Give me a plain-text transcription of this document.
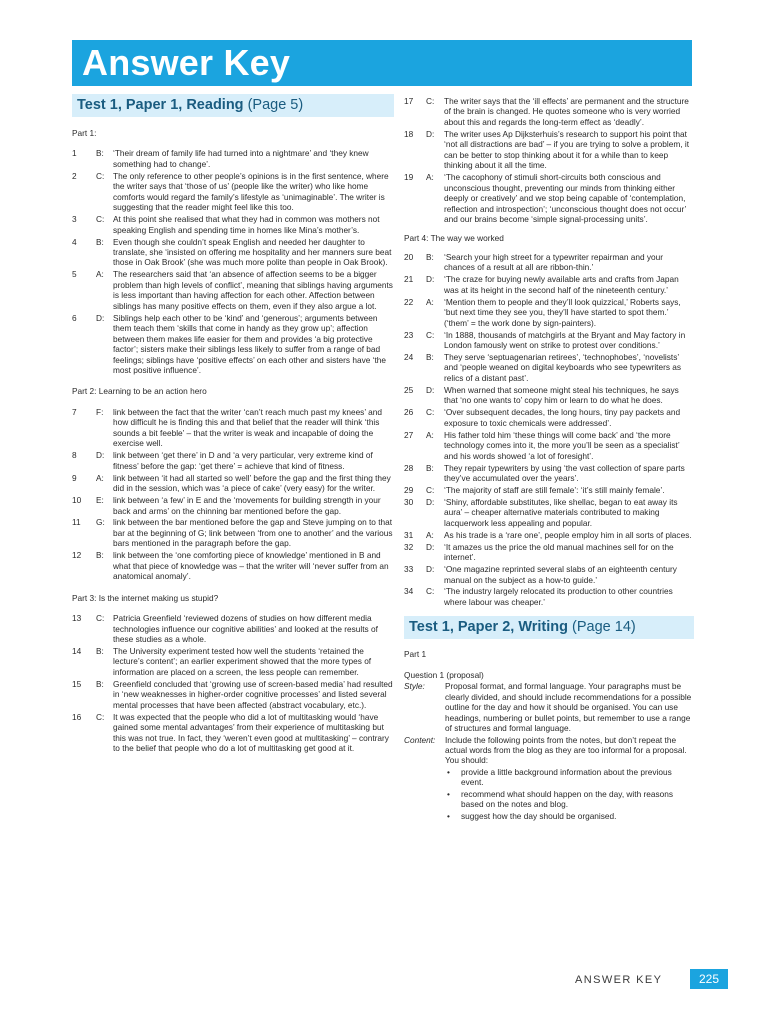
Answer Key
Test 1, Paper 1, Reading (Page 5)
Part 1:
1	B:	‘Their dream of family life had turned into a nightmare’ and ‘they knew something had to change’.
2	C:	The only reference to other people’s opinions is in the first sentence, where the writer says that ‘those of us’ (people like the writer) who like home comforts would regard the family’s lifestyle as ‘unimaginable’. The writer is suggesting that the reader might feel like this too.
3	C:	At this point she realised that what they had in common was mothers not speaking English and spending time in homes like Mina’s mother’s.
4	B:	Even though she couldn’t speak English and needed her daughter to translate, she ‘insisted on offering me hospitality and her manners sure beat those in Oak Brook’ (she was much more polite than people in Oak Brook).
5	A:	The researchers said that ‘an absence of affection seems to be a bigger problem than high levels of conflict’, meaning that siblings having arguments is less important than having affection for each other. Affection between siblings has many positive effects on them, even if they also argue a lot.
6	D:	Siblings help each other to be ‘kind’ and ‘generous’; arguments between them teach them ‘skills that come in handy as they grow up’; affection between them makes life easier for them and provides ‘a big protective factor’; sisters make their siblings less likely to suffer from a range of bad feelings; siblings have ‘positive effects’ on each other and sisters have ‘the most positive influence’.
Part 2: Learning to be an action hero
7	F:	link between the fact that the writer ‘can’t reach much past my knees’ and how difficult he is finding this and that belief that the reader will think ‘this sounds a bit feeble’ – that the writer is weak and incapable of doing the exercise well.
8	D:	link between ‘get there’ in D and ‘a very particular, very extreme kind of fitness’ before the gap: ‘get there’ = achieve that kind of fitness.
9	A:	link between ‘it had all started so well’ before the gap and the first thing they did in the session, which was ‘a piece of cake’ (very easy) for the writer.
10	E:	link between ‘a few’ in E and the ‘movements for building strength in your back and arms’ on the chinning bar mentioned before the gap.
11	G: link between the bar mentioned before the gap and Steve jumping on to that bar at the beginning of G; link between ‘from one to another’ and the various bars mentioned in the paragraph before the gap.
12	B:	link between the ‘one comforting piece of knowledge’ mentioned in B and what that piece of knowledge was – that the writer will ‘never suffer from an anatomical anomaly’.
Part 3: Is the internet making us stupid?
13	C:	Patricia Greenfield ‘reviewed dozens of studies on how different media technologies influence our cognitive abilities’ and looked at the results of these studies as a whole.
14	B:	The University experiment tested how well the students ‘retained the lecture’s content’; an earlier experiment showed that the more types of information are placed on a screen, the less people can remember.
15	B:	Greenfield concluded that ‘growing use of screen-based media’ had resulted in ‘new weaknesses in higher-order cognitive processes’ and listed several mental processes that have been affected (abstract vocabulary, etc.).
16	C:	It was expected that the people who did a lot of multitasking would ‘have gained some mental advantages’ from their experience of multitasking but this was not true. In fact, they ‘weren’t even good at multitasking’ – contrary to the belief that people who do a lot of multitasking get good at it.
17	C:	The writer says that the ‘ill effects’ are permanent and the structure of the brain is changed. He quotes someone who is very worried about this and regards the long-term effect as ‘deadly’.
18	D:	The writer uses Ap Dijksterhuis’s research to support his point that ‘not all distractions are bad’ – if you are trying to solve a problem, it can be better to stop thinking about it for a while than to keep thinking about it all the time.
19	A:	‘The cacophony of stimuli short-circuits both conscious and unconscious thought, preventing our minds from thinking either deeply or creatively’ and we stop being capable of ‘contemplation, reflection and introspection’; ‘unconscious thought does not occur’ and our brains become ‘simple signal-processing units’.
Part 4: The way we worked
20	B:	‘Search your high street for a typewriter repairman and your chances of a result at all are ribbon-thin.’
21	D:	‘The craze for buying newly available arts and crafts from Japan was at its height in the second half of the nineteenth century.’
22	A:	‘Mention them to people and they’ll look quizzical,’ Roberts says, ‘but next time they see you, they’ll have started to spot them.’ (‘them’ = the work done by sign-painters).
23	C:	‘In 1888, thousands of matchgirls at the Bryant and May factory in London famously went on strike to protest over conditions.’
24	B:	They serve ‘septuagenarian retirees’, ‘technophobes’, ‘novelists’ and ‘people weaned on digital keyboards who see typewriters as relics of a distant past’.
25	D:	When warned that someone might steal his techniques, he says that ‘no one wants to’ copy him or learn to do what he does.
26	C:	‘Over subsequent decades, the long hours, tiny pay packets and exposure to toxic chemicals were addressed’.
27	A:	His father told him ‘these things will come back’ and ‘the more technology comes into it, the more you’ll be seen as a specialist’ and his words showed ‘a lot of foresight’.
28	B:	They repair typewriters by using ‘the vast collection of spare parts they’ve accumulated over the years’.
29	C:	‘The majority of staff are still female’: ‘it’s still mainly female’.
30	D:	‘Shiny, affordable substitutes, like shellac, began to eat away its aura’ – cheaper alternative materials contributed to making lacquerwork less appealing and popular.
31	A:	As his trade is a ‘rare one’, people employ him in all sorts of places.
32	D:	‘It amazes us the price the old manual machines sell for on the internet’.
33	D:	‘One magazine reprinted several slabs of an eighteenth century manual on the subject as a how-to guide.’
34	C:	‘The industry largely relocated its production to other countries where labour was cheaper.’
Test 1, Paper 2, Writing (Page 14)
Part 1
Question 1 (proposal)
Style:	Proposal format, and formal language. Your paragraphs must be clearly divided, and should include recommendations for a possible outline for the day and how it should be organised. You can use headings, numbering or bullet points, but remember to use a range of structures and formal language.
Content:	Include the following points from the notes, but don’t repeat the actual words from the blog as they are too informal for a proposal. You should:
•	provide a little background information about the previous event.
•	recommend what should happen on the day, with reasons based on the notes and blog.
•	suggest how the day should be organised.
ANSWER KEY	225
